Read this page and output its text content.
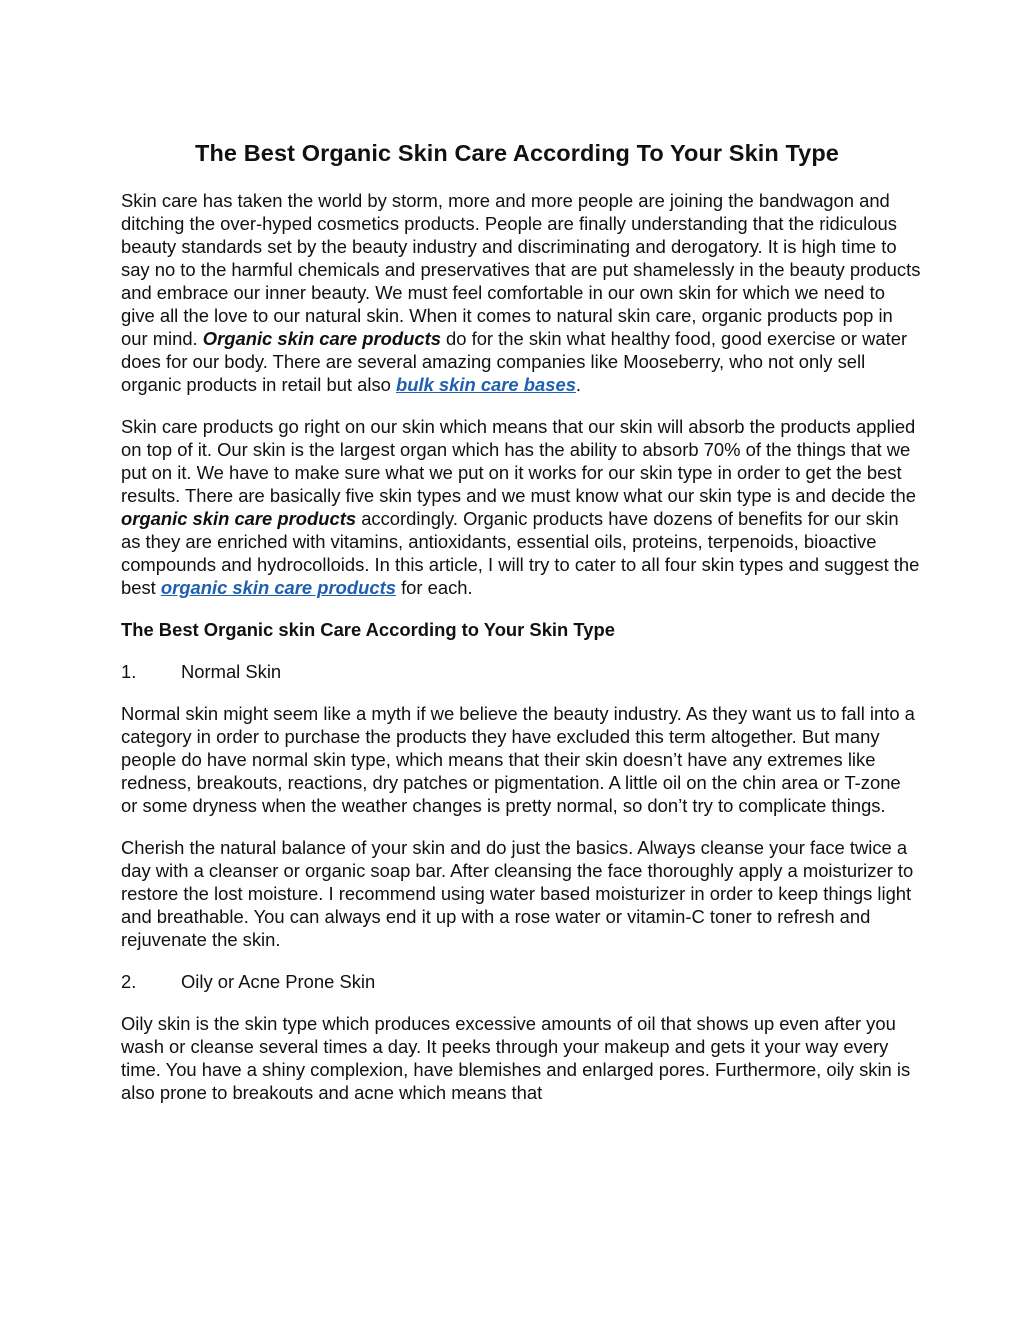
The Best Organic Skin Care According To Your Skin Type

Skin care has taken the world by storm, more and more people are joining the bandwagon and ditching the over-hyped cosmetics products. People are finally understanding that the ridiculous beauty standards set by the beauty industry and discriminating and derogatory. It is high time to say no to the harmful chemicals and preservatives that are put shamelessly in the beauty products and embrace our inner beauty. We must feel comfortable in our own skin for which we need to give all the love to our natural skin. When it comes to natural skin care, organic products pop in our mind. Organic skin care products do for the skin what healthy food, good exercise or water does for our body. There are several amazing companies like Mooseberry, who not only sell organic products in retail but also bulk skin care bases.

Skin care products go right on our skin which means that our skin will absorb the products applied on top of it. Our skin is the largest organ which has the ability to absorb 70% of the things that we put on it. We have to make sure what we put on it works for our skin type in order to get the best results. There are basically five skin types and we must know what our skin type is and decide the organic skin care products accordingly. Organic products have dozens of benefits for our skin as they are enriched with vitamins, antioxidants, essential oils, proteins, terpenoids, bioactive compounds and hydrocolloids. In this article, I will try to cater to all four skin types and suggest the best organic skin care products for each.

The Best Organic skin Care According to Your Skin Type

1. Normal Skin

Normal skin might seem like a myth if we believe the beauty industry. As they want us to fall into a category in order to purchase the products they have excluded this term altogether. But many people do have normal skin type, which means that their skin doesn’t have any extremes like redness, breakouts, reactions, dry patches or pigmentation. A little oil on the chin area or T-zone or some dryness when the weather changes is pretty normal, so don’t try to complicate things.

Cherish the natural balance of your skin and do just the basics. Always cleanse your face twice a day with a cleanser or organic soap bar. After cleansing the face thoroughly apply a moisturizer to restore the lost moisture. I recommend using water based moisturizer in order to keep things light and breathable. You can always end it up with a rose water or vitamin-C toner to refresh and rejuvenate the skin.

2. Oily or Acne Prone Skin

Oily skin is the skin type which produces excessive amounts of oil that shows up even after you wash or cleanse several times a day. It peeks through your makeup and gets it your way every time. You have a shiny complexion, have blemishes and enlarged pores. Furthermore, oily skin is also prone to breakouts and acne which means that
